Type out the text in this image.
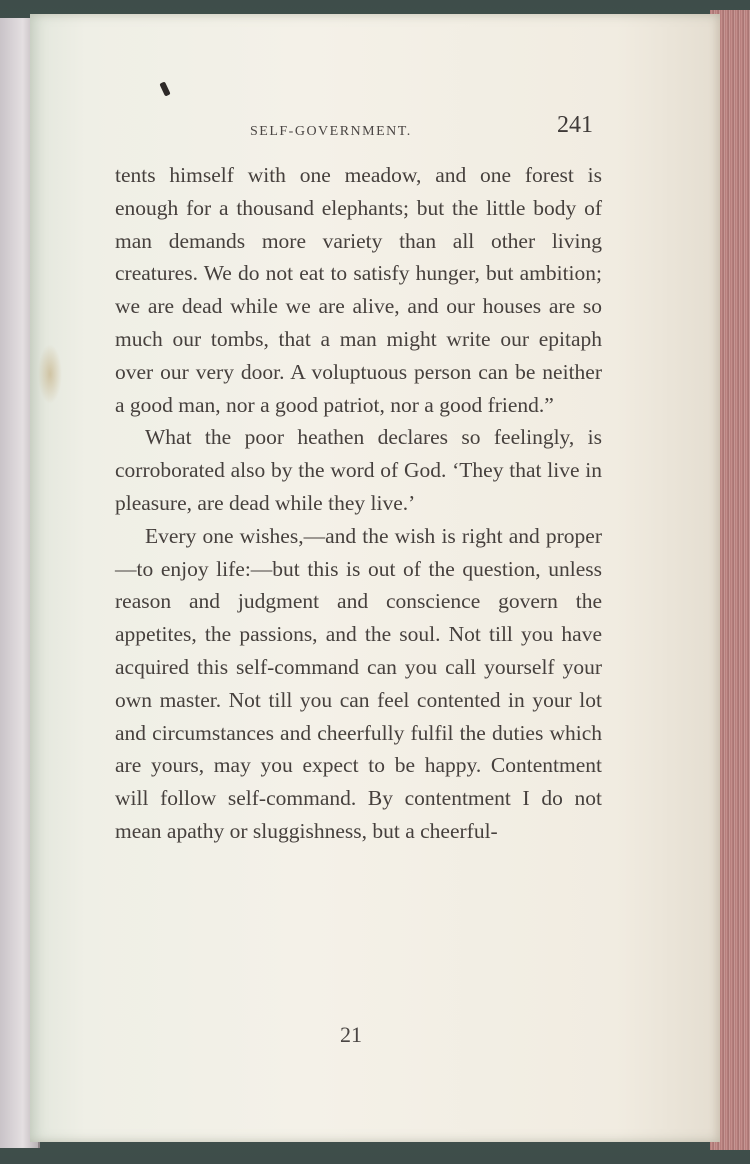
SELF-GOVERNMENT.	241

tents himself with one meadow, and one forest is enough for a thousand elephants; but the little body of man demands more variety than all other living creatures. We do not eat to satisfy hunger, but ambition; we are dead while we are alive, and our houses are so much our tombs, that a man might write our epitaph over our very door. A voluptuous person can be neither a good man, nor a good patriot, nor a good friend.”

What the poor heathen declares so feelingly, is corroborated also by the word of God. ‘They that live in pleasure, are dead while they live.’

Every one wishes,—and the wish is right and proper—to enjoy life:—but this is out of the question, unless reason and judgment and conscience govern the appetites, the passions, and the soul. Not till you have acquired this self-command can you call yourself your own master. Not till you can feel contented in your lot and circumstances and cheerfully fulfil the duties which are yours, may you expect to be happy. Contentment will follow self-command. By contentment I do not mean apathy or sluggishness, but a cheerful-

21
